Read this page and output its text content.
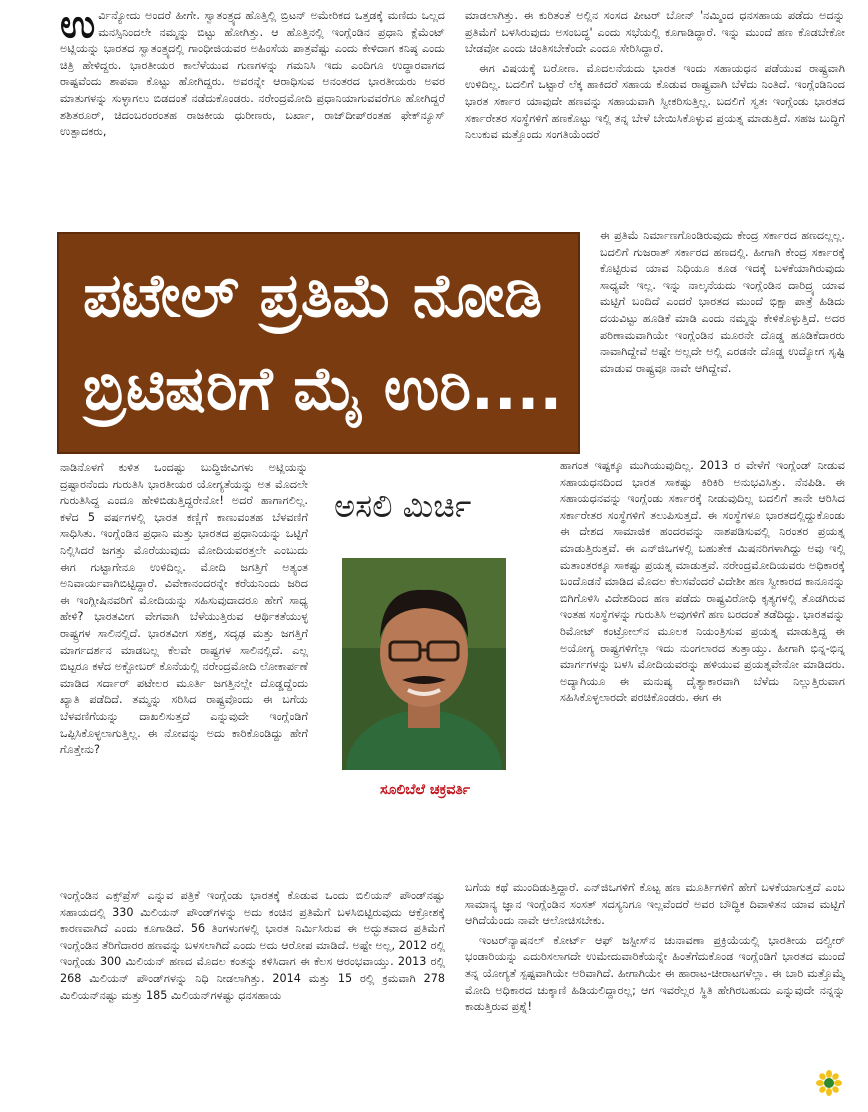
ಉರ್ವಿನ್ಯೋದು ಅಂದರೆ ಹೀಗೇ. ಸ್ವಾತಂತ್ರ್ಯದ ಹೊತ್ತಿಲ್ಲಿ ಬ್ರಿಟನ್ ಅಮೇರಿಕದ ಒತ್ತಡಕ್ಕೆ ಮಣಿದು ಒಲ್ಲದ ಮನಸ್ಸಿನಿಂದಲೇ ನಮ್ಮನ್ನು ಬಿಟ್ಟು ಹೋಗಿತ್ತು. ಆ ಹೊತ್ತಿನಲ್ಲಿ ಇಂಗ್ಲೆಂಡಿನ ಪ್ರಧಾನಿ ಕ್ಲೆಮೆಂಟ್ ಅಟ್ಲಿಯನ್ನು ಭಾರತದ ಸ್ವಾತಂತ್ರ್ಯದಲ್ಲಿ ಗಾಂಧೀಜಿಯವರ ಅಹಿಂಸೆಯ ಪಾತ್ರವೆಷ್ಟು ಎಂದು ಕೇಳಿದಾಗ ಕನಿಷ್ಠ ಎಂದು ಚಿತ್ರಿ ಹೇಳಿದ್ದರು. ಭಾರತೀಯರ ಕಾಲೆಳೆಯುವ ಗುಣಗಳನ್ನು ಗಮನಿಸಿ ಇದು ಎಂದಿಗೂ ಉದ್ಧಾರವಾಗದ ರಾಷ್ಟವೆಂದು ಶಾಪವಾ ಕೊಟ್ಟು ಹೋಗಿದ್ದರು. ಅವರನ್ನೇ ಆರಾಧಿಸುವ ಅನಂತರದ ಭಾರತೀಯರು ಅವರ ಮಾತುಗಳನ್ನು ಸುಳ್ಳಾಗಲು ಬಿಡದಂತೆ ನಡೆದುಕೊಂಡರು. ನರೇಂದ್ರಮೋದಿ ಪ್ರಧಾನಿಯಾಗುವವರೆಗೂ ಹೋಗಿದ್ದರೆ ಶಶಿತರೂರ್, ಚಿದಂಬರಂರಂತಹ ರಾಜಕೀಯ ಧುರೀಣರು, ಬರ್ಖಾ, ರಾಜ್‌ದೀಪ್‌ರಂತಹ ಫೇಕ್‌ನ್ಯೂಸ್ ಉತ್ಪಾದಕರು,

ಮಾಡಲಾಗಿತ್ತು. ಈ ಕುರಿತಂತೆ ಅಲ್ಲಿನ ಸಂಸದ ಪೀಟರ್ ಬೋನ್ 'ನಮ್ಮಿಂದ ಧನಸಹಾಯ ಪಡೆದು ಅದನ್ನು ಪ್ರತಿಮೆಗೆ ಬಳಸಿರುವುದು ಅಸಂಬದ್ಧ' ಎಂದು ಸಭೆಯಲ್ಲಿ ಕೂಗಾಡಿದ್ದಾರೆ. ಇನ್ನು ಮುಂದೆ ಹಣ ಕೊಡಬೇಕೋ ಬೇಡವೋ ಎಂದು ಚಿಂತಿಸಬೇಕೆಂದೇ ಎಂದೂ ಸೇರಿಸಿದ್ದಾರೆ.

ಈಗ ವಿಷಯಕ್ಕೆ ಬರೋಣ. ಮೊದಲನೆಯದು ಭಾರತ ಇಂದು ಸಹಾಯಧನ ಪಡೆಯುವ ರಾಷ್ಟ್ರವಾಗಿ ಉಳಿದಿಲ್ಲ. ಬದಲಿಗೆ ಒಟ್ಟಾರೆ ಲೆಕ್ಕ ಹಾಕಿದರೆ ಸಹಾಯ ಕೊಡುವ ರಾಷ್ಟ್ರವಾಗಿ ಬೆಳೆದು ನಿಂತಿದೆ. ಇಂಗ್ಲೆಂಡಿನಿಂದ ಭಾರತ ಸರ್ಕಾರ ಯಾವುದೇ ಹಣವನ್ನು ಸಹಾಯವಾಗಿ ಸ್ವೀಕರಿಸುತ್ತಿಲ್ಲ. ಬದಲಿಗೆ ಸ್ವತಃ ಇಂಗ್ಲೆಂಡು ಭಾರತದ ಸರ್ಕಾರೇತರ ಸಂಸ್ಥೆಗಳಿಗೆ ಹಣಕೊಟ್ಟು ಇಲ್ಲಿ ತನ್ನ ಬೇಳೆ ಬೇಯಿಸಿಕೊಳ್ಳುವ ಪ್ರಯತ್ನ ಮಾಡುತ್ತಿದೆ. ಸಹಜ ಬುದ್ಧಿಗೆ ನಿಲುಕುವ ಮತ್ತೊಂದು ಸಂಗತಿಯೆಂದರೆ

ಪಟೇಲ್ ಪ್ರತಿಮೆ ನೋಡಿ
ಬ್ರಿಟಿಷರಿಗೆ ಮೈ ಉರಿ....

ಈ ಪ್ರತಿಮೆ ನಿರ್ಮಾಣಗೊಂಡಿರುವುದು ಕೇಂದ್ರ ಸರ್ಕಾರದ ಹಣದಲ್ಲಲ್ಲ. ಬದಲಿಗೆ ಗುಜರಾತ್ ಸರ್ಕಾರದ ಹಣದಲ್ಲಿ. ಹೀಗಾಗಿ ಕೇಂದ್ರ ಸರ್ಕಾರಕ್ಕೆ ಕೊಟ್ಟಿರುವ ಯಾವ ನಿಧಿಯೂ ಕೂಡ ಇದಕ್ಕೆ ಬಳಕೆಯಾಗಿರುವುದು ಸಾಧ್ಯವೇ ಇಲ್ಲ. ಇನ್ನು ನಾಲ್ಕನೆಯದು ಇಂಗ್ಲೆಂಡಿನ ದಾರಿದ್ರ್ಯ ಯಾವ ಮಟ್ಟಿಗೆ ಬಂದಿದೆ ಎಂದರೆ ಭಾರತದ ಮುಂದೆ ಭಿಕ್ಷಾ ಪಾತ್ರೆ ಹಿಡಿದು ದಯವಿಟ್ಟು ಹೂಡಿಕೆ ಮಾಡಿ ಎಂದು ನಮ್ಮನ್ನು ಕೇಳಿಕೊಳ್ಳುತ್ತಿದೆ. ಅದರ ಪರಿಣಾಮವಾಗಿಯೇ ಇಂಗ್ಲೆಂಡಿನ ಮೂರನೇ ದೊಡ್ಡ ಹೂಡಿಕೆದಾರರು ನಾವಾಗಿದ್ದೇವೆ ಅಷ್ಟೇ ಅಲ್ಲದೇ ಅಲ್ಲಿ ಎರಡನೇ ದೊಡ್ಡ ಉದ್ಯೋಗ ಸೃಷ್ಟಿ ಮಾಡುವ ರಾಷ್ಟ್ರವೂ ನಾವೇ ಆಗಿದ್ದೇವೆ.

ನಾಡಿನೊಳಗೆ ಕುಳಿತ ಒಂದಷ್ಟು ಬುದ್ಧಿಜೀವಿಗಳು ಅಟ್ಲಿಯನ್ನು ದ್ರಷ್ಟಾರನೆಂದು ಗುರುತಿಸಿ ಭಾರತೀಯರ ಯೋಗ್ಯತೆಯನ್ನು ಅತ ಮೊದಲೇ ಗುರುತಿಸಿದ್ದ ಎಂದೂ ಹೇಳಿಬಿಡುತ್ತಿದ್ದರೇನೋ! ಅದರೆ ಹಾಗಾಗಲಿಲ್ಲ. ಕಳೆದ 5 ವರ್ಷಗಳಲ್ಲಿ ಭಾರತ ಕಣ್ಣಿಗೆ ಕಾಣುವಂತಹ ಬೆಳವಣಿಗೆ ಸಾಧಿಸಿತು. ಇಂಗ್ಲೆಂಡಿನ ಪ್ರಧಾನಿ ಮತ್ತು ಭಾರತದ ಪ್ರಧಾನಿಯನ್ನು ಒಟ್ಟಿಗೆ ನಿಲ್ಲಿಸಿದರೆ ಜಗತ್ತು ಮೊರೆಯುವುದು ಮೋದಿಯವರತ್ತಲೇ ಎಂಬುದು ಈಗ ಗುಟ್ಟಾಗೇನೂ ಉಳಿದಿಲ್ಲ. ಮೋದಿ ಜಗತ್ತಿಗೆ ಅತ್ಯಂತ ಅನಿವಾರ್ಯವಾಗಿಬಿಟ್ಟಿದ್ದಾರೆ. ವಿವೇಕಾನಂದರನ್ನೇ ಕರೆಯನಿಂದು ಜರಿದ ಈ ಇಂಗ್ಲೀಷಿನವರಿಗೆ ಮೋದಿಯನ್ನು ಸಹಿಸುವುದಾದರೂ ಹೇಗೆ ಸಾಧ್ಯ ಹೇಳಿ? ಭಾರತವೀಗ ವೇಗವಾಗಿ ಬೆಳೆಯುತ್ತಿರುವ ಆರ್ಥಿಕತೆಯುಳ್ಳ ರಾಷ್ಟ್ರಗಳ ಸಾಲಿನಲ್ಲಿದೆ. ಭಾರತವೀಗ ಸಶಕ್ತ, ಸದೃಢ ಮತ್ತು ಜಗತ್ತಿಗೆ ಮಾರ್ಗದರ್ಶನ ಮಾಡಬಲ್ಲ ಕೆಲವೇ ರಾಷ್ಟ್ರಗಳ ಸಾಲಿನಲ್ಲಿದೆ. ಎಲ್ಲ ಬಿಟ್ಟರೂ ಕಳೆದ ಅಕ್ಟೋಬರ್ ಕೊನೆಯಲ್ಲಿ ನರೇಂದ್ರಮೋದಿ ಲೋಕಾರ್ಪಣೆ ಮಾಡಿದ ಸರ್ದಾರ್ ಪಟೇಲರ ಮೂರ್ತಿ ಜಗತ್ತಿನಲ್ಲೇ ದೊಡ್ಡದ್ದೆಂದು ಖ್ಯಾತಿ ಪಡೆದಿದೆ. ತಮ್ಮನ್ನು ಸರಿಸಿದ ರಾಷ್ಟ್ರವೊಂದು ಈ ಬಗೆಯ ಬೆಳವಣಿಗೆಯನ್ನು ದಾಖಲಿಸುತ್ತದೆ ಎನ್ನುವುದೇ ಇಂಗ್ಲೆಂಡಿಗೆ ಒಪ್ಪಿಸಿಕೊಳ್ಳಲಾಗುತ್ತಿಲ್ಲ. ಈ ನೋವನ್ನು ಅದು ಕಾರಿಕೊಂಡಿದ್ದು ಹೇಗೆ ಗೊತ್ತೇನು?

ಅಸಲಿ ಮಿರ್ಚಿ
ಸೂಲಿಬೆಲೆ ಚಕ್ರವರ್ತಿ

ಹಾಗಂತ ಇಷ್ಟಕ್ಕೂ ಮುಗಿಯುವುದಿಲ್ಲ. 2013 ರ ವೇಳೆಗೆ ಇಂಗ್ಲೆಂಡ್ ನೀಡುವ ಸಹಾಯಧನದಿಂದ ಭಾರತ ಸಾಕಷ್ಟು ಕಿರಿಕಿರಿ ಅನುಭವಿಸಿತ್ತು. ನೆನಪಿಡಿ. ಈ ಸಹಾಯಧನವನ್ನು ಇಂಗ್ಲೆಂಡು ಸರ್ಕಾರಕ್ಕೆ ನೀಡುವುದಿಲ್ಲ ಬದಲಿಗೆ ತಾನೇ ಆರಿಸಿದ ಸರ್ಕಾರೇತರ ಸಂಸ್ಥೆಗಳಿಗೆ ತಲುಪಿಸುತ್ತದೆ. ಈ ಸಂಸ್ಥೆಗಳೂ ಭಾರತದಲ್ಲಿದ್ದುಕೊಂಡು ಈ ದೇಶದ ಸಾಮಾಜಿಕ ಹಂದರವನ್ನು ನಾಶಪಡಿಸುವಲ್ಲಿ ನಿರಂತರ ಪ್ರಯತ್ನ ಮಾಡುತ್ತಿರುತ್ತವೆ. ಈ ಎನ್‌ಜಿಒಗಳಲ್ಲಿ ಬಹುತೇಕ ಮಿಷನರಿಗಳಾಗಿದ್ದು ಅವು ಇಲ್ಲಿ ಮತಾಂತರಕ್ಕೂ ಸಾಕಷ್ಟು ಪ್ರಯತ್ನ ಮಾಡುತ್ತವೆ. ನರೇಂದ್ರಮೋದಿಯವರು ಅಧಿಕಾರಕ್ಕೆ ಬಂದೊಡನೆ ಮಾಡಿದ ಮೊದಲ ಕೆಲಸವೆಂದರೆ ವಿದೇಶೀ ಹಣ ಸ್ವೀಕಾರದ ಕಾನೂನನ್ನು ಬಿಗಿಗೊಳಿಸಿ ವಿದೇಶದಿಂದ ಹಣ ಪಡೆದು ರಾಷ್ಟ್ರವಿರೋಧಿ ಕೃತ್ಯಗಳಲ್ಲಿ ತೊಡಗಿರುವ ಇಂತಹ ಸಂಸ್ಥೆಗಳನ್ನು ಗುರುತಿಸಿ ಅವುಗಳಿಗೆ ಹಣ ಬರದಂತೆ ತಡೆದಿದ್ದು. ಭಾರತವನ್ನು ರಿಮೋಟ್ ಕಂಟ್ರೋಲ್‌ನ ಮೂಲಕ ನಿಯಂತ್ರಿಸುವ ಪ್ರಯತ್ನ ಮಾಡುತ್ತಿದ್ದ ಈ ಅಯೋಗ್ಯ ರಾಷ್ಟ್ರಗಳಿಗೆಲ್ಲಾ ಇದು ನುಂಗಲಾರದ ತುತ್ತಾಯ್ತು. ಹೀಗಾಗಿ ಭಿನ್ನ-ಭಿನ್ನ ಮಾರ್ಗಗಳನ್ನು ಬಳಸಿ ಮೋದಿಯವರನ್ನು ಹಳಿಯುವ ಪ್ರಯತ್ನವೇನೋ ಮಾಡಿದರು. ಅದ್ಯಾಗಿಯೂ ಈ ಮನುಷ್ಯ ದೈತ್ಯಾಕಾರವಾಗಿ ಬೆಳೆದು ನಿಲ್ಲುತ್ತಿರುವಾಗ ಸಹಿಸಿಕೊಳ್ಳಲಾರದೇ ಪರಚಿಕೊಂಡರು. ಈಗ ಈ

ಇಂಗ್ಲೆಂಡಿನ ಎಕ್ಸ್‌ಪ್ರೆಸ್ ಎನ್ನುವ ಪತ್ರಿಕೆ ಇಂಗ್ಲೆಂಡು ಭಾರತಕ್ಕೆ ಕೊಡುವ ಒಂದು ಬಿಲಿಯನ್ ಪೌಂಡ್‌ನಷ್ಟು ಸಹಾಯದಲ್ಲಿ 330 ಮಿಲಿಯನ್ ಪೌಂಡ್‌ಗಳನ್ನು ಅದು ಕಂಚಿನ ಪ್ರತಿಮೆಗೆ ಬಳಸಿಬಿಟ್ಟಿರುವುದು ಆಕ್ರೋಶಕ್ಕೆ ಕಾರಣವಾಗಿದೆ ಎಂದು ಕೂಗಾಡಿದೆ. 56 ತಿಂಗಳುಗಳಲ್ಲಿ ಭಾರತ ನಿರ್ಮಿಸಿರುವ ಈ ಅದ್ಭುತವಾದ ಪ್ರತಿಮೆಗೆ ಇಂಗ್ಲೆಂಡಿನ ತೆರಿಗೆದಾರರ ಹಣವನ್ನು ಬಳಸಲಾಗಿದೆ ಎಂದು ಅದು ಆರೋಪ ಮಾಡಿದೆ. ಅಷ್ಟೇ ಅಲ್ಲ, 2012 ರಲ್ಲಿ ಇಂಗ್ಲೆಂಡು 300 ಮಿಲಿಯನ್ ಹಣದ ಮೊದಲ ಕಂತನ್ನು ಕಳಿಸಿದಾಗ ಈ ಕೆಲಸ ಆರಂಭವಾಯ್ತು. 2013 ರಲ್ಲಿ 268 ಮಿಲಿಯನ್ ಪೌಂಡ್‌ಗಳನ್ನು ನಿಧಿ ನೀಡಲಾಗಿತ್ತು. 2014 ಮತ್ತು 15 ರಲ್ಲಿ ಕ್ರಮವಾಗಿ 278 ಮಿಲಿಯನ್‌ನಷ್ಟು ಮತ್ತು 185 ಮಿಲಿಯನ್‌ಗಳಷ್ಟು ಧನಸಹಾಯ

ಬಗೆಯ ಕಥೆ ಮುಂದಿಡುತ್ತಿದ್ದಾರೆ. ಎನ್‌ಜಿಒಗಳಿಗೆ ಕೊಟ್ಟ ಹಣ ಮೂರ್ತಿಗಳಿಗೆ ಹೇಗೆ ಬಳಕೆಯಾಗುತ್ತದೆ ಎಂಬ ಸಾಮಾನ್ಯ ಜ್ಞಾನ ಇಂಗ್ಲೆಂಡಿನ ಸಂಸತ್ ಸದಸ್ಯನಿಗೂ ಇಲ್ಲವೆಂದರೆ ಅವರ ಬೌದ್ಧಿಕ ದಿವಾಳಿತನ ಯಾವ ಮಟ್ಟಿಗೆ ಆಗಿದೆಯೆಂದು ನಾವೇ ಆಲೋಚಿಸಬೇಕು.

ಇಂಟರ್‌ನ್ಯಾಷನಲ್ ಕೋರ್ಟ್ ಆಫ್ ಜಸ್ಟೀಸ್‌ನ ಚುನಾವಣಾ ಪ್ರಕ್ರಿಯೆಯಲ್ಲಿ ಭಾರತೀಯ ದಲ್ವೀರ್ ಭಂಡಾರಿಯನ್ನು ಎದುರಿಸಲಾಗದೇ ಉಮೇದುವಾರಿಕೆಯನ್ನೇ ಹಿಂತೆಗೆದುಕೊಂಡ ಇಂಗ್ಲೆಂಡಿಗೆ ಭಾರತದ ಮುಂದೆ ತನ್ನ ಯೋಗ್ಯತೆ ಸ್ಪಷ್ಟವಾಗಿಯೇ ಅರಿವಾಗಿದೆ. ಹೀಗಾಗಿಯೇ ಈ ಹಾರಾಟ-ಚೀರಾಟಗಳೆಲ್ಲಾ. ಈ ಬಾರಿ ಮತ್ತೊಮ್ಮೆ ಮೋದಿ ಅಧಿಕಾರದ ಚುಕ್ಕಾಣಿ ಹಿಡಿಯಲಿದ್ದಾರಲ್ಲ; ಆಗ ಇವರೆಲ್ಲರ ಸ್ಥಿತಿ ಹೇಗಿರಬಹುದು ಎನ್ನುವುದೇ ನನ್ನನ್ನು ಕಾಡುತ್ತಿರುವ ಪ್ರಶ್ನೆ!
